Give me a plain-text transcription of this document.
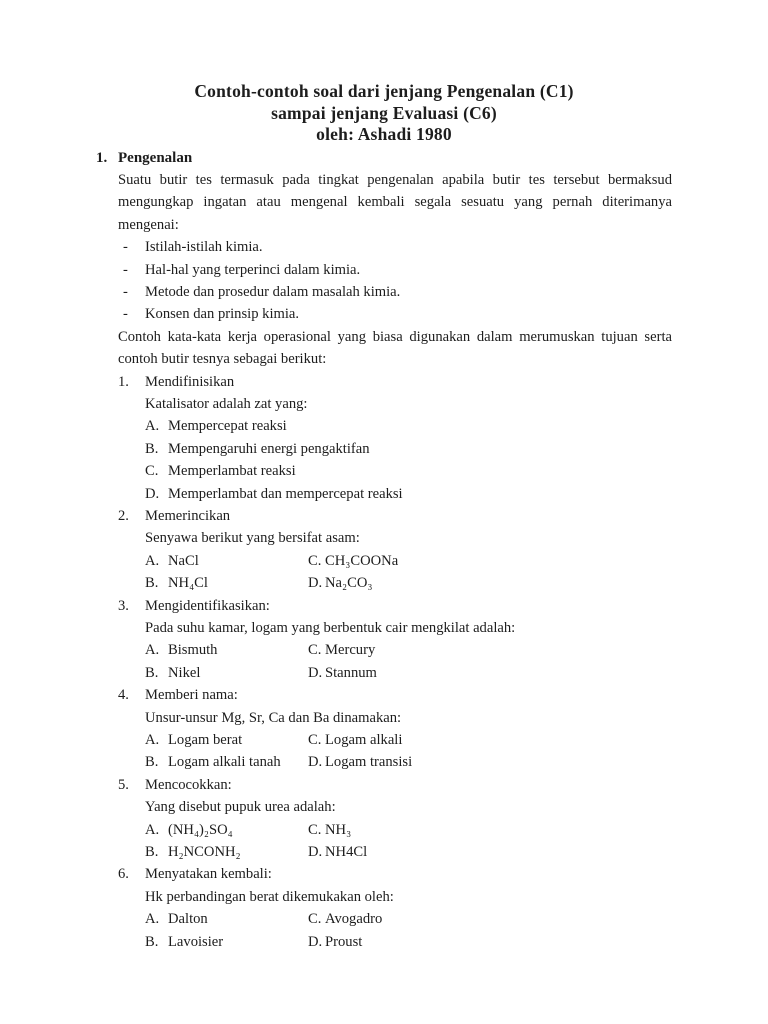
Contoh-contoh soal dari jenjang Pengenalan (C1)
sampai jenjang Evaluasi (C6)
oleh: Ashadi 1980
1. Pengenalan

Suatu butir tes termasuk pada tingkat pengenalan apabila butir tes tersebut bermaksud mengungkap ingatan atau mengenal kembali segala sesuatu yang pernah diterimanya mengenai:

-	Istilah-istilah kimia.
-	Hal-hal yang terperinci dalam kimia.
-	Metode dan prosedur dalam masalah kimia.
-	Konsen dan prinsip kimia.

Contoh kata-kata kerja operasional yang biasa digunakan dalam merumuskan tujuan serta contoh butir tesnya sebagai berikut:

1.	Mendifinisikan
Katalisator adalah zat yang:
A. Mempercepat reaksi
B. Mempengaruhi energi pengaktifan
C. Memperlambat reaksi
D. Memperlambat dan mempercepat reaksi
2.	Memerincikan
Senyawa berikut yang bersifat asam:
A. NaCl
B. NH₄Cl
C. CH₃COONa
D. Na₂CO₃
3.	Mengidentifikasikan:
Pada suhu kamar, logam yang berbentuk cair mengkilat adalah:
A. Bismuth
B. Nikel
C. Mercury
D. Stannum
4.	Memberi nama:
Unsur-unsur Mg, Sr, Ca dan Ba dinamakan:
A. Logam berat
B. Logam alkali tanah
C. Logam alkali
D. Logam transisi
5.	Mencocokkan:
Yang disebut pupuk urea adalah:
A. (NH₄)₂SO₄
B. H₂NCONH₂
C. NH₃
D. NH4Cl
6.	Menyatakan kembali:
Hk perbandingan berat dikemukakan oleh:
A. Dalton
B. Lavoisier
C. Avogadro
D. Proust
